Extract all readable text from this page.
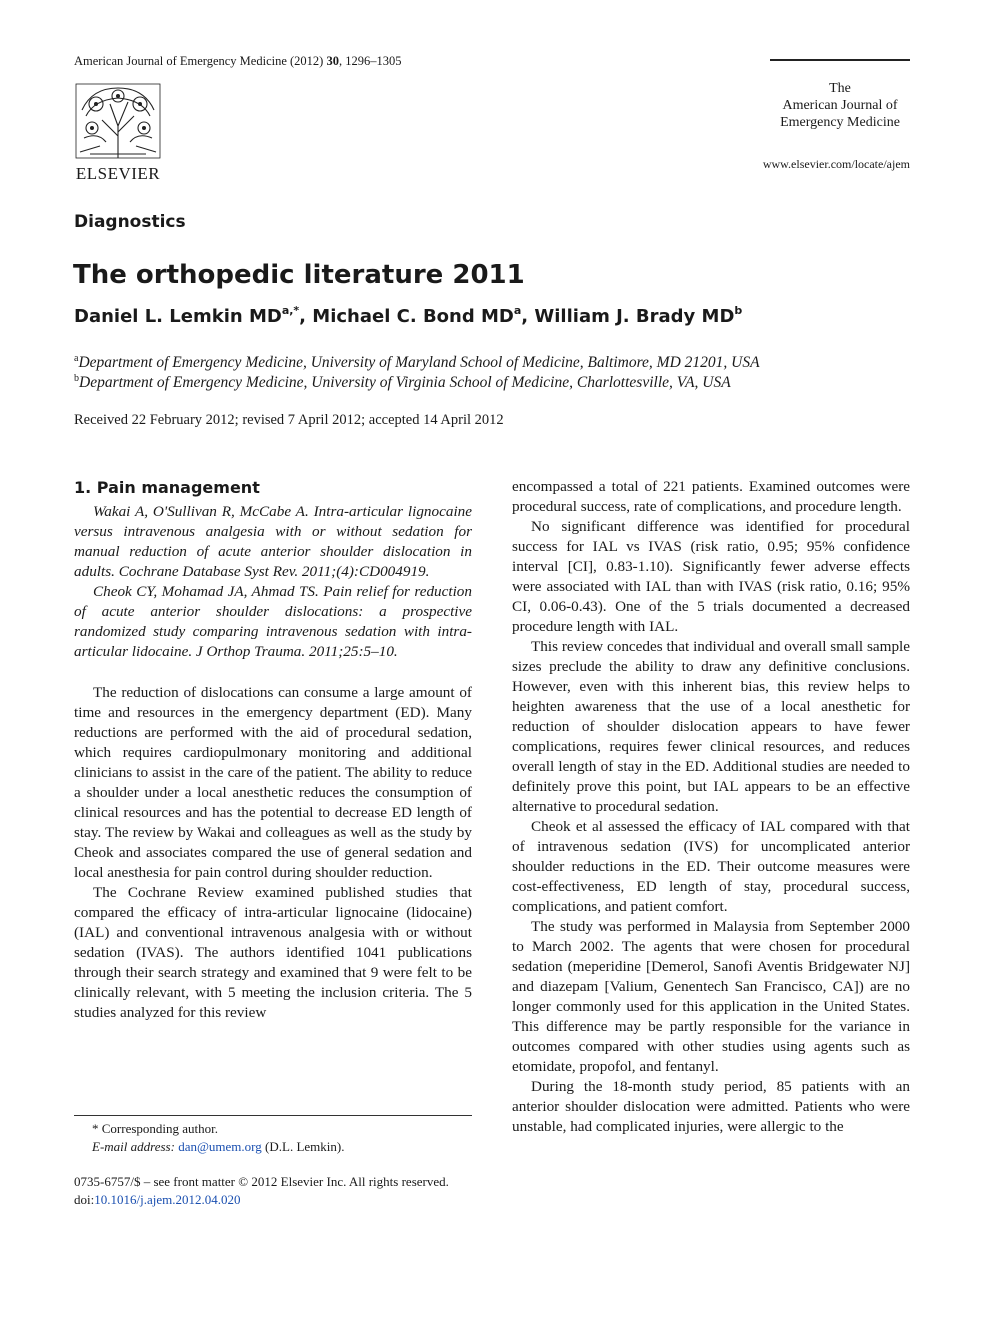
American Journal of Emergency Medicine (2012) 30, 1296–1305
ELSEVIER
The
American Journal of
Emergency Medicine
www.elsevier.com/locate/ajem
Diagnostics
The orthopedic literature 2011
Daniel L. Lemkin $MD^{a,*}$, Michael C. Bond $MD^a$, William J. Brady $MD^b$
$^a$Department of Emergency Medicine, University of Maryland School of Medicine, Baltimore, MD 21201, USA
$^b$Department of Emergency Medicine, University of Virginia School of Medicine, Charlottesville, VA, USA
Received 22 February 2012; revised 7 April 2012; accepted 14 April 2012
1. Pain management

Wakai A, O'Sullivan R, McCabe A. Intra-articular lignocaine versus intravenous analgesia with or without sedation for manual reduction of acute anterior shoulder dislocation in adults. Cochrane Database Syst Rev. 2011;(4):CD004919.

Cheok CY, Mohamad JA, Ahmad TS. Pain relief for reduction of acute anterior shoulder dislocations: a prospective randomized study comparing intravenous sedation with intra-articular lidocaine. J Orthop Trauma. 2011;25:5–10.

The reduction of dislocations can consume a large amount of time and resources in the emergency department (ED). Many reductions are performed with the aid of procedural sedation, which requires cardiopulmonary monitoring and additional clinicians to assist in the care of the patient. The ability to reduce a shoulder under a local anesthetic reduces the consumption of clinical resources and has the potential to decrease ED length of stay. The review by Wakai and colleagues as well as the study by Cheok and associates compared the use of general sedation and local anesthesia for pain control during shoulder reduction.

The Cochrane Review examined published studies that compared the efficacy of intra-articular lignocaine (lidocaine) (IAL) and conventional intravenous analgesia with or without sedation (IVAS). The authors identified 1041 publications through their search strategy and examined that 9 were felt to be clinically relevant, with 5 meeting the inclusion criteria. The 5 studies analyzed for this review

encompassed a total of 221 patients. Examined outcomes were procedural success, rate of complications, and procedure length.

No significant difference was identified for procedural success for IAL vs IVAS (risk ratio, 0.95; 95% confidence interval [CI], 0.83-1.10). Significantly fewer adverse effects were associated with IAL than with IVAS (risk ratio, 0.16; 95% CI, 0.06-0.43). One of the 5 trials documented a decreased procedure length with IAL.

This review concedes that individual and overall small sample sizes preclude the ability to draw any definitive conclusions. However, even with this inherent bias, this review helps to heighten awareness that the use of a local anesthetic for reduction of shoulder dislocation appears to have fewer complications, requires fewer clinical resources, and reduces overall length of stay in the ED. Additional studies are needed to definitely prove this point, but IAL appears to be an effective alternative to procedural sedation.

Cheok et al assessed the efficacy of IAL compared with that of intravenous sedation (IVS) for uncomplicated anterior shoulder reductions in the ED. Their outcome measures were cost-effectiveness, ED length of stay, procedural success, complications, and patient comfort.

The study was performed in Malaysia from September 2000 to March 2002. The agents that were chosen for procedural sedation (meperidine [Demerol, Sanofi Aventis Bridgewater NJ] and diazepam [Valium, Genentech San Francisco, CA]) are no longer commonly used for this application in the United States. This difference may be partly responsible for the variance in outcomes compared with other studies using agents such as etomidate, propofol, and fentanyl.

During the 18-month study period, 85 patients with an anterior shoulder dislocation were admitted. Patients who were unstable, had complicated injuries, were allergic to the

* Corresponding author.
E-mail address: dan@umem.org (D.L. Lemkin).
0735-6757/$ – see front matter © 2012 Elsevier Inc. All rights reserved.
doi:10.1016/j.ajem.2012.04.020
